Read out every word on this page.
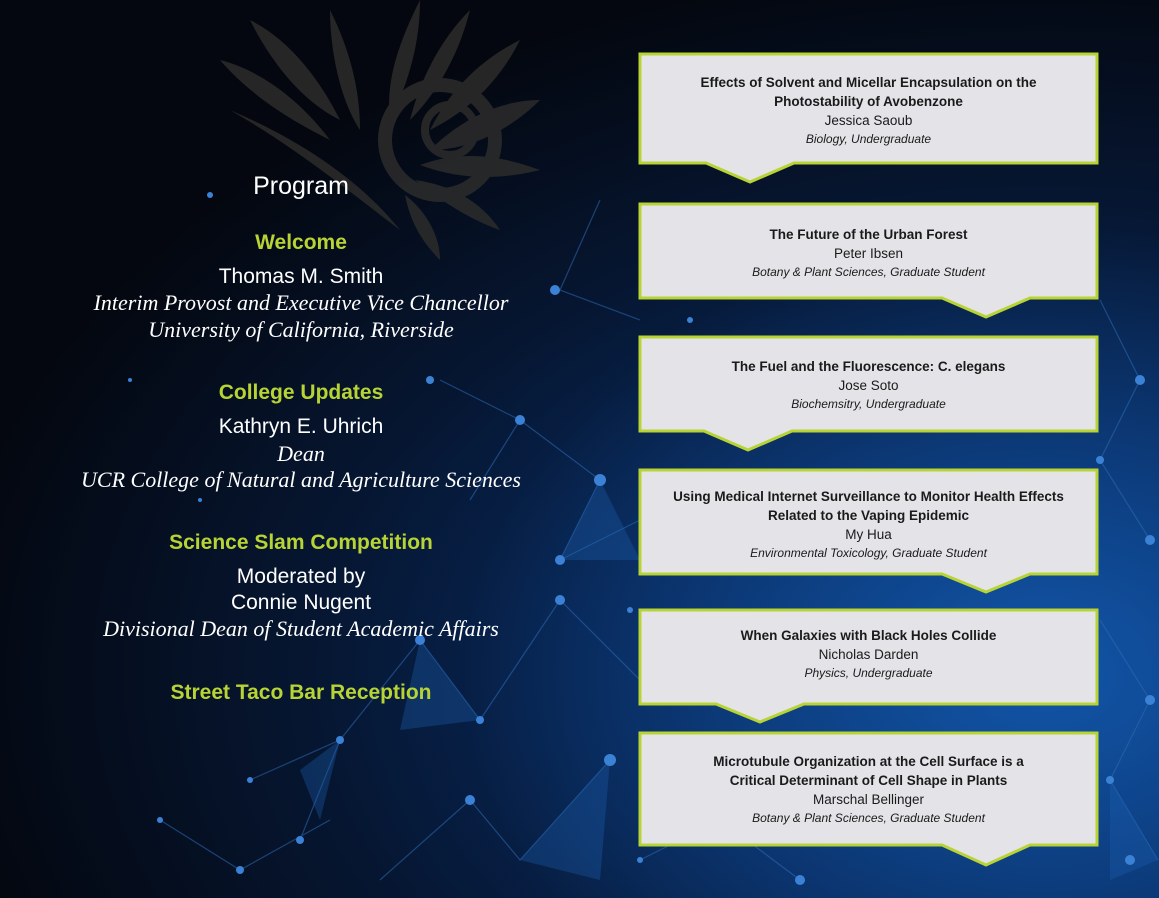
Program
Welcome
Thomas M. Smith
Interim Provost and Executive Vice Chancellor
University of California, Riverside
College Updates
Kathryn E. Uhrich
Dean
UCR College of Natural and Agriculture Sciences
Science Slam Competition
Moderated by
Connie Nugent
Divisional Dean of Student Academic Affairs
Street Taco Bar Reception
Effects of Solvent and Micellar Encapsulation on the
Photostability of Avobenzone
Jessica Saoub
Biology, Undergraduate
The Future of the Urban Forest
Peter Ibsen
Botany & Plant Sciences, Graduate Student
The Fuel and the Fluorescence: C. elegans
Jose Soto
Biochemsitry, Undergraduate
Using Medical Internet Surveillance to Monitor Health Effects
Related to the Vaping Epidemic
My Hua
Environmental Toxicology, Graduate Student
When Galaxies with Black Holes Collide
Nicholas Darden
Physics, Undergraduate
Microtubule Organization at the Cell Surface is a
Critical Determinant of Cell Shape in Plants
Marschal Bellinger
Botany & Plant Sciences, Graduate Student
